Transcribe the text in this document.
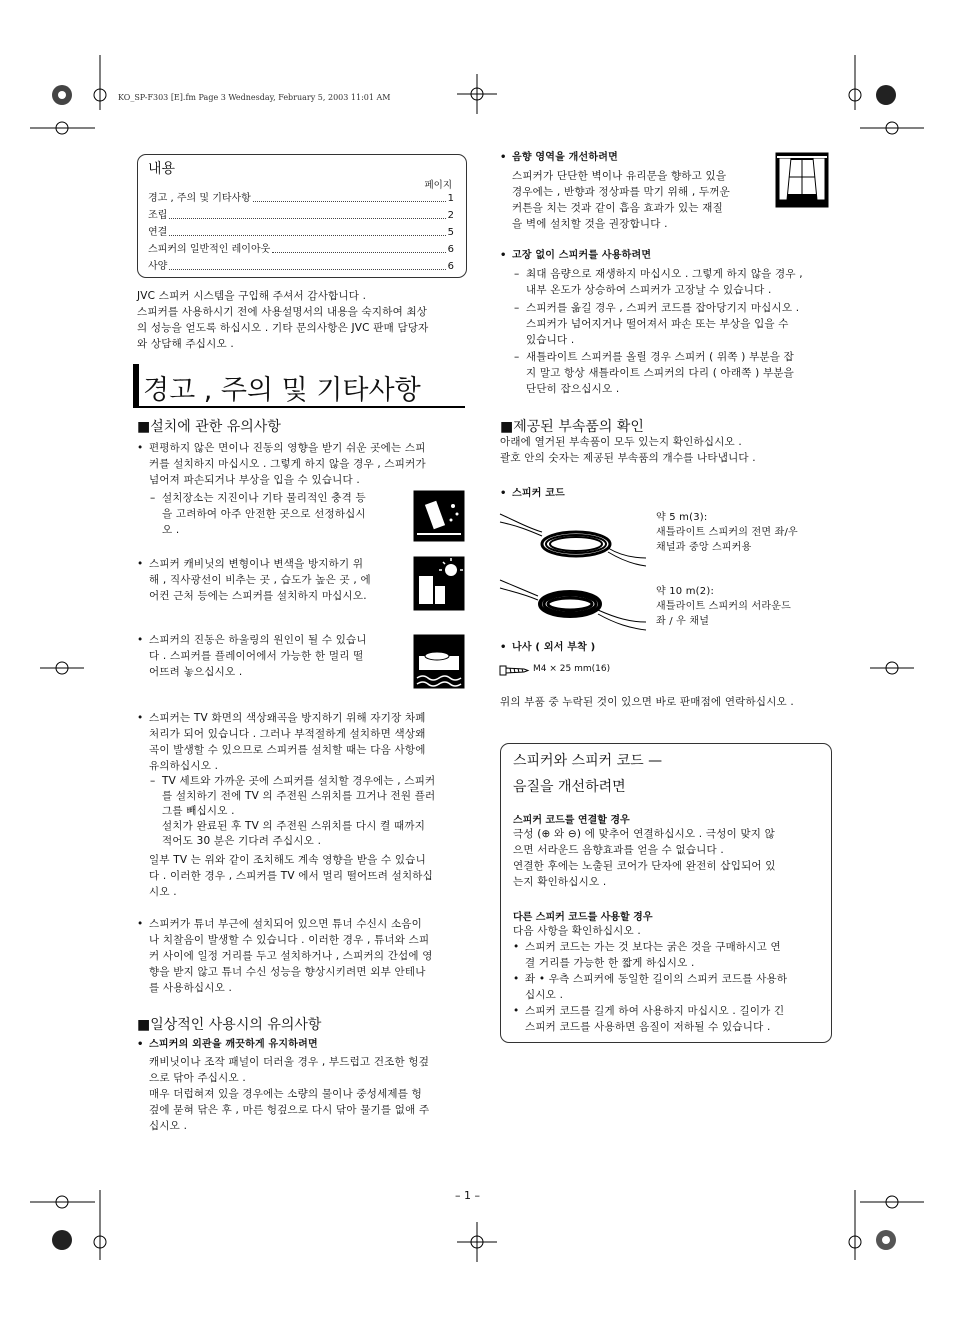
KO_SP-F303 [E].fm Page 3 Wednesday, February 5, 2003 11:01 AM
내용
페이지
경고 , 주의 및 기타사항	1
조립	2
연결	5
스피커의 일반적인 레이아웃	6
사양	6
JVC 스피커 시스템을 구입해 주셔서 감사합니다 .
스피커를 사용하시기 전에 사용설명서의 내용을 숙지하여 최상
의 성능을 얻도록 하십시오 . 기타 문의사항은 JVC 판매 담당자
와 상담해 주십시오 .
경고 , 주의 및 기타사항
■설치에 관한 유의사항
• 편평하지 않은 면이나 진동의 영향을 받기 쉬운 곳에는 스피
커를 설치하지 마십시오 . 그렇게 하지 않을 경우 , 스피커가
넘어져 파손되거나 부상을 입을 수 있습니다 .
– 설치장소는 지진이나 기타 물리적인 충격 등
을 고려하여 아주 안전한 곳으로 선정하십시
오 .
• 스피커 캐비닛의 변형이나 변색을 방지하기 위
해 , 직사광선이 비추는 곳 , 습도가 높은 곳 , 에
어컨 근처 등에는 스피커를 설치하지 마십시오.
• 스피커의 진동은 하울링의 원인이 될 수 있습니
다 . 스피커를 플레이어에서 가능한 한 멀리 떨
어뜨려 놓으십시오 .
• 스피커는 TV 화면의 색상왜곡을 방지하기 위해 자기장 차폐
처리가 되어 있습니다 . 그러나 부적절하게 설치하면 색상왜
곡이 발생할 수 있으므로 스피커를 설치할 때는 다음 사항에
유의하십시오 .
– TV 세트와 가까운 곳에 스피커를 설치할 경우에는 , 스피커
를 설치하기 전에 TV 의 주전원 스위치를 끄거나 전원 플러
그를 빼십시오 .
설치가 완료된 후 TV 의 주전원 스위치를 다시 켤 때까지
적어도 30 분은 기다려 주십시오 .
일부 TV 는 위와 같이 조치해도 계속 영향을 받을 수 있습니
다 . 이러한 경우 , 스피커를 TV 에서 멀리 떨어뜨려 설치하십
시오 .
• 스피커가 튜너 부근에 설치되어 있으면 튜너 수신시 소음이
나 치찰음이 발생할 수 있습니다 . 이러한 경우 , 튜너와 스피
커 사이에 일정 거리를 두고 설치하거나 , 스피커의 간섭에 영
향을 받지 않고 튜너 수신 성능을 향상시키려면 외부 안테나
를 사용하십시오 .
■일상적인 사용시의 유의사항
• 스피커의 외관을 깨끗하게 유지하려면
캐비닛이나 조작 패널이 더러울 경우 , 부드럽고 건조한 헝겊
으로 닦아 주십시오 .
매우 더럽혀져 있을 경우에는 소량의 물이나 중성세제를 헝
겊에 묻혀 닦은 후 , 마른 헝겊으로 다시 닦아 물기를 없애 주
십시오 .
• 음향 영역을 개선하려면
스피커가 단단한 벽이나 유리문을 향하고 있을
경우에는 , 반향과 정상파를 막기 위해 , 두꺼운
커튼을 치는 것과 같이 흡음 효과가 있는 재질
을 벽에 설치할 것을 권장합니다 .
• 고장 없이 스피커를 사용하려면
– 최대 음량으로 재생하지 마십시오 . 그렇게 하지 않을 경우 ,
내부 온도가 상승하여 스피커가 고장날 수 있습니다 .
– 스피커를 옮길 경우 , 스피커 코드를 잡아당기지 마십시오 .
스피커가 넘어지거나 떨어져서 파손 또는 부상을 입을 수
있습니다 .
– 새틀라이트 스피커를 올릴 경우 스피커 ( 위쪽 ) 부분을 잡
지 말고 항상 새틀라이트 스피커의 다리 ( 아래쪽 ) 부분을
단단히 잡으십시오 .
■제공된 부속품의 확인
아래에 열거된 부속품이 모두 있는지 확인하십시오 .
괄호 안의 숫자는 제공된 부속품의 개수를 나타냅니다 .
• 스피커 코드
약 5 m(3):
새틀라이트 스피커의 전면 좌/우
채널과 중앙 스피커용
약 10 m(2):
새틀라이트 스피커의 서라운드
좌 / 우 채널
• 나사 ( 외서 부착 )
M4 × 25 mm(16)
위의 부품 중 누락된 것이 있으면 바로 판매점에 연락하십시오 .
스피커와 스피커 코드 —
음질을 개선하려면
스피커 코드를 연결할 경우
극성 (⊕ 와 ⊖) 에 맞추어 연결하십시오 . 극성이 맞지 않
으면 서라운드 음향효과를 얻을 수 없습니다 .
연결한 후에는 노출된 코어가 단자에 완전히 삽입되어 있
는지 확인하십시오 .
다른 스피커 코드를 사용할 경우
다음 사항을 확인하십시오 .
• 스피커 코드는 가는 것 보다는 굵은 것을 구매하시고 연
결 거리를 가능한 한 짧게 하십시오 .
• 좌 • 우측 스피커에 동일한 길이의 스피커 코드를 사용하
십시오 .
• 스피커 코드를 길게 하여 사용하지 마십시오 . 길이가 긴
스피커 코드를 사용하면 음질이 저하될 수 있습니다 .
– 1 –
